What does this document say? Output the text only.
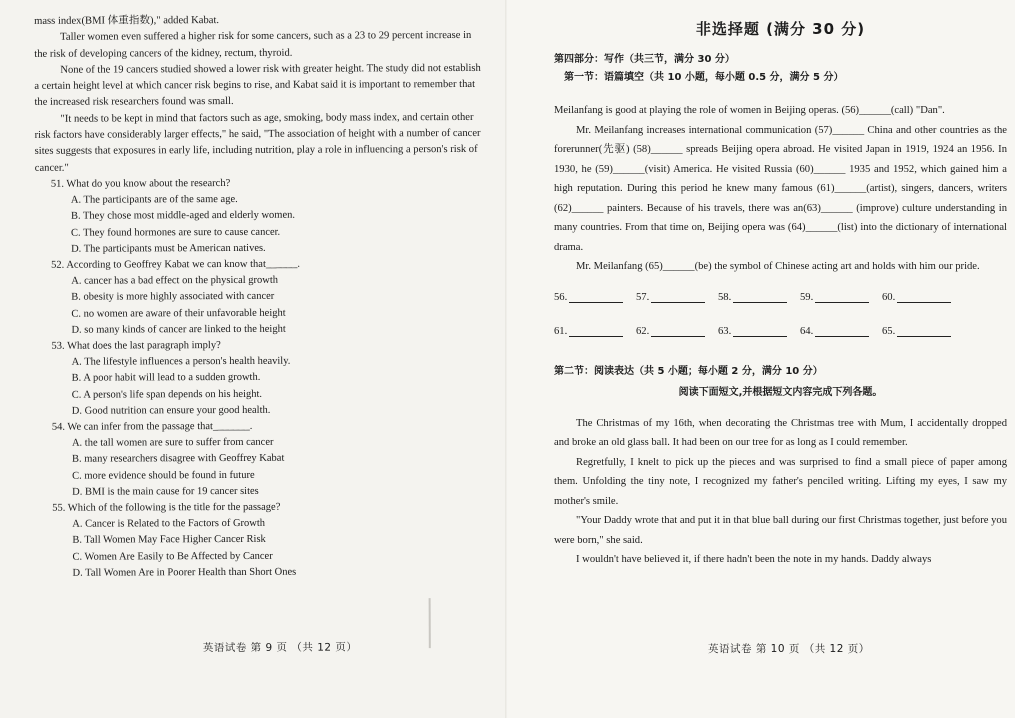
mass index(BMI 体重指数)," added Kabat.

Taller women even suffered a higher risk for some cancers, such as a 23 to 29 percent increase in the risk of developing cancers of the kidney, rectum, thyroid.

None of the 19 cancers studied showed a lower risk with greater height. The study did not establish a certain height level at which cancer risk begins to rise, and Kabat said it is important to remember that the increased risk researchers found was small.

"It needs to be kept in mind that factors such as age, smoking, body mass index, and certain other risk factors have considerably larger effects," he said, "The association of height with a number of cancer sites suggests that exposures in early life, including nutrition, play a role in influencing a person's risk of cancer."

51. What do you know about the research?

A. The participants are of the same age.

B. They chose most middle-aged and elderly women.

C. They found hormones are sure to cause cancer.

D. The participants must be American natives.

52. According to Geoffrey Kabat we can know that______.

A. cancer has a bad effect on the physical growth

B. obesity is more highly associated with cancer

C. no women are aware of their unfavorable height

D. so many kinds of cancer are linked to the height

53. What does the last paragraph imply?

A. The lifestyle influences a person's health heavily.

B. A poor habit will lead to a sudden growth.

C. A person's life span depends on his height.

D. Good nutrition can ensure your good health.

54. We can infer from the passage that_______.

A. the tall women are sure to suffer from cancer

B. many researchers disagree with Geoffrey Kabat

C. more evidence should be found in future

D. BMI is the main cause for 19 cancer sites

55. Which of the following is the title for the passage?

A. Cancer is Related to the Factors of Growth

B. Tall Women May Face Higher Cancer Risk

C. Women Are Easily to Be Affected by Cancer

D. Tall Women Are in Poorer Health than Short Ones

英语试卷 第 9 页 （共 12 页）

非选择题 (满分 30 分)

第四部分：写作（共三节，满分 30 分）

第一节：语篇填空（共 10 小题，每小题 0.5 分，满分 5 分）

Meilanfang is good at playing the role of women in Beijing operas. (56)______(call) "Dan".

Mr. Meilanfang increases international communication (57)______ China and other countries as the forerunner(先驱) (58)______ spreads Beijing opera abroad. He visited Japan in 1919, 1924 an 1956. In 1930, he (59)______(visit) America. He visited Russia (60)______ 1935 and 1952, which gained him a high reputation. During this period he knew many famous (61)______(artist), singers, dancers, writers (62)______ painters. Because of his travels, there was an(63)______ (improve) culture understanding in many countries. From that time on, Beijing opera was (64)______(list) into the dictionary of international drama.

Mr. Meilanfang (65)______(be) the symbol of Chinese acting art and holds with him our pride.

56.	57.	58.	59.	60.
61.	62.	63.	64.	65.

第二节：阅读表达（共 5 小题；每小题 2 分，满分 10 分）

阅读下面短文,并根据短文内容完成下列各题。

The Christmas of my 16th, when decorating the Christmas tree with Mum, I accidentally dropped and broke an old glass ball. It had been on our tree for as long as I could remember.

Regretfully, I knelt to pick up the pieces and was surprised to find a small piece of paper among them. Unfolding the tiny note, I recognized my father's penciled writing. Lifting my eyes, I saw my mother's smile.

"Your Daddy wrote that and put it in that blue ball during our first Christmas together, just before you were born," she said.

I wouldn't have believed it, if there hadn't been the note in my hands. Daddy always

英语试卷 第 10 页 （共 12 页）
